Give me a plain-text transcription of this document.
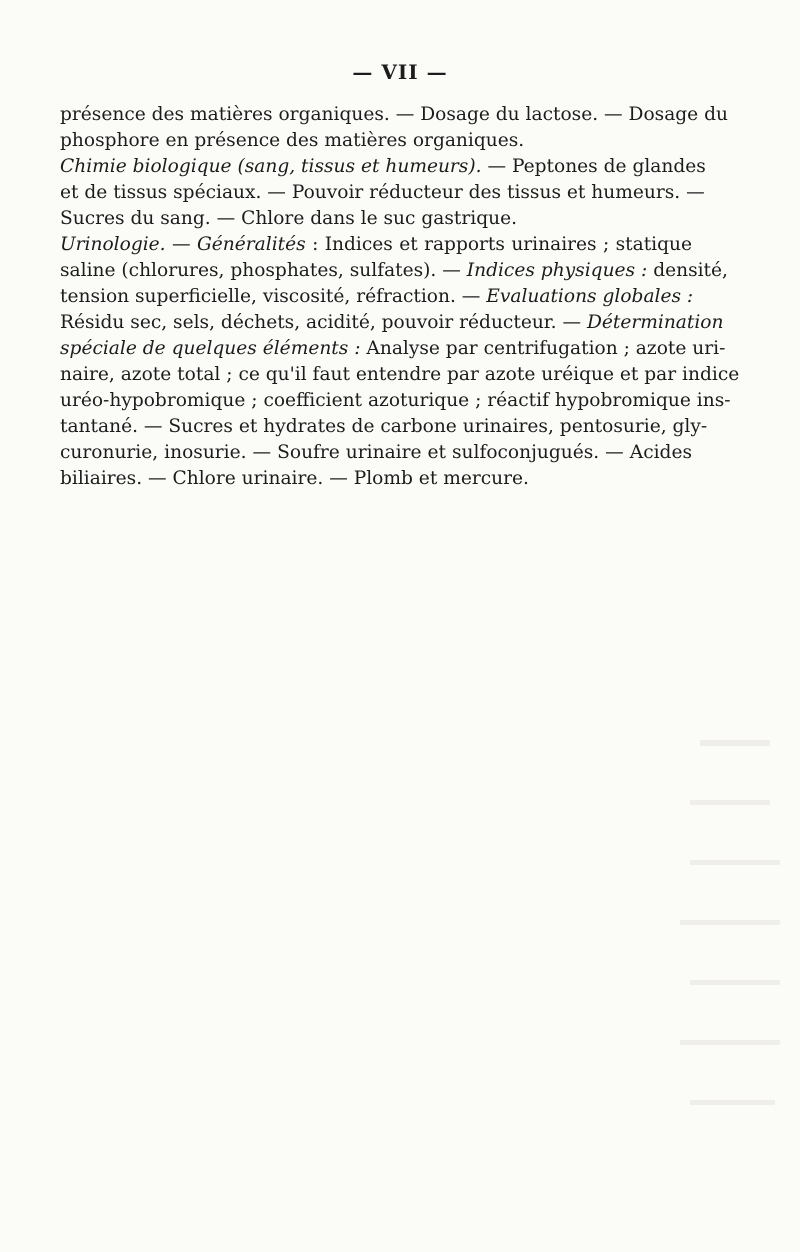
— VII —
présence des matières organiques. — Dosage du lactose. — Dosage du
phosphore en présence des matières organiques.
Chimie biologique (sang, tissus et humeurs). — Peptones de glandes
et de tissus spéciaux. — Pouvoir réducteur des tissus et humeurs. —
Sucres du sang. — Chlore dans le suc gastrique.
Urinologie. — Généralités : Indices et rapports urinaires ; statique
saline (chlorures, phosphates, sulfates). — Indices physiques : densité,
tension superficielle, viscosité, réfraction. — Evaluations globales :
Résidu sec, sels, déchets, acidité, pouvoir réducteur. — Détermination
spéciale de quelques éléments : Analyse par centrifugation ; azote uri-
naire, azote total ; ce qu'il faut entendre par azote uréique et par indice
uréo-hypobromique ; coefficient azoturique ; réactif hypobromique ins-
tantané. — Sucres et hydrates de carbone urinaires, pentosurie, gly-
curonurie, inosurie. — Soufre urinaire et sulfoconjugués. — Acides
biliaires. — Chlore urinaire. — Plomb et mercure.
